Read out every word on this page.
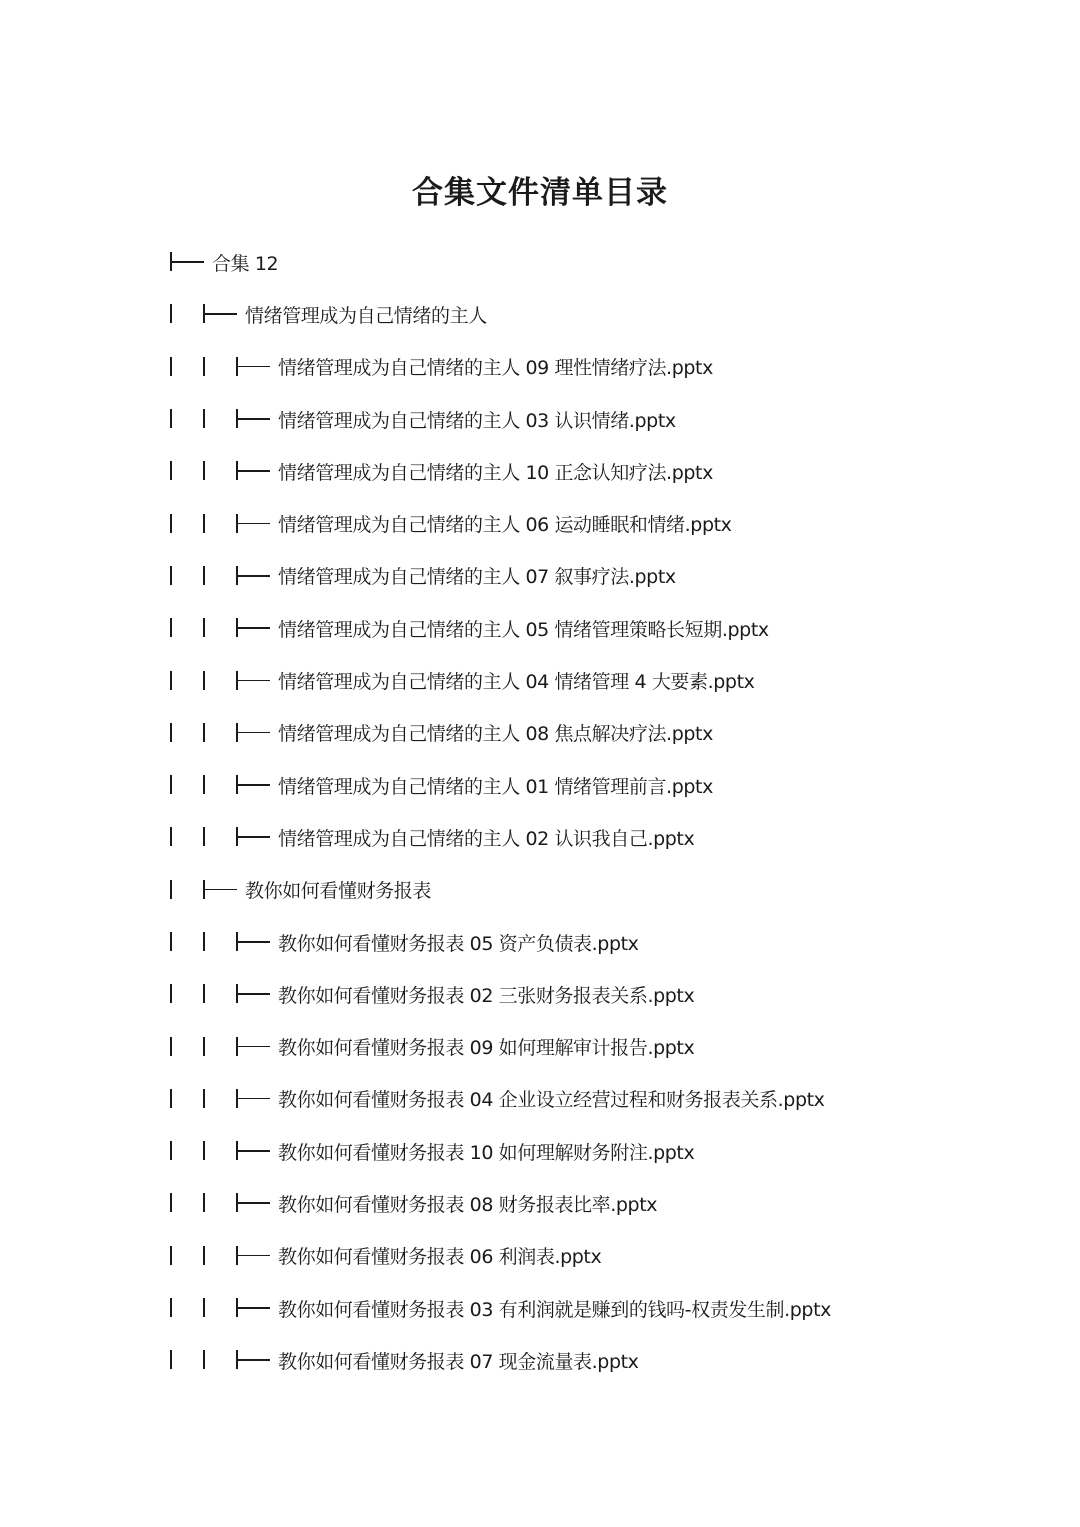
合集文件清单目录
合集 12
情绪管理成为自己情绪的主人
情绪管理成为自己情绪的主人 09 理性情绪疗法.pptx
情绪管理成为自己情绪的主人 03 认识情绪.pptx
情绪管理成为自己情绪的主人 10 正念认知疗法.pptx
情绪管理成为自己情绪的主人 06 运动睡眠和情绪.pptx
情绪管理成为自己情绪的主人 07 叙事疗法.pptx
情绪管理成为自己情绪的主人 05 情绪管理策略长短期.pptx
情绪管理成为自己情绪的主人 04 情绪管理 4 大要素.pptx
情绪管理成为自己情绪的主人 08 焦点解决疗法.pptx
情绪管理成为自己情绪的主人 01 情绪管理前言.pptx
情绪管理成为自己情绪的主人 02 认识我自己.pptx
教你如何看懂财务报表
教你如何看懂财务报表 05 资产负债表.pptx
教你如何看懂财务报表 02 三张财务报表关系.pptx
教你如何看懂财务报表 09 如何理解审计报告.pptx
教你如何看懂财务报表 04 企业设立经营过程和财务报表关系.pptx
教你如何看懂财务报表 10 如何理解财务附注.pptx
教你如何看懂财务报表 08 财务报表比率.pptx
教你如何看懂财务报表 06 利润表.pptx
教你如何看懂财务报表 03 有利润就是赚到的钱吗-权责发生制.pptx
教你如何看懂财务报表 07 现金流量表.pptx
